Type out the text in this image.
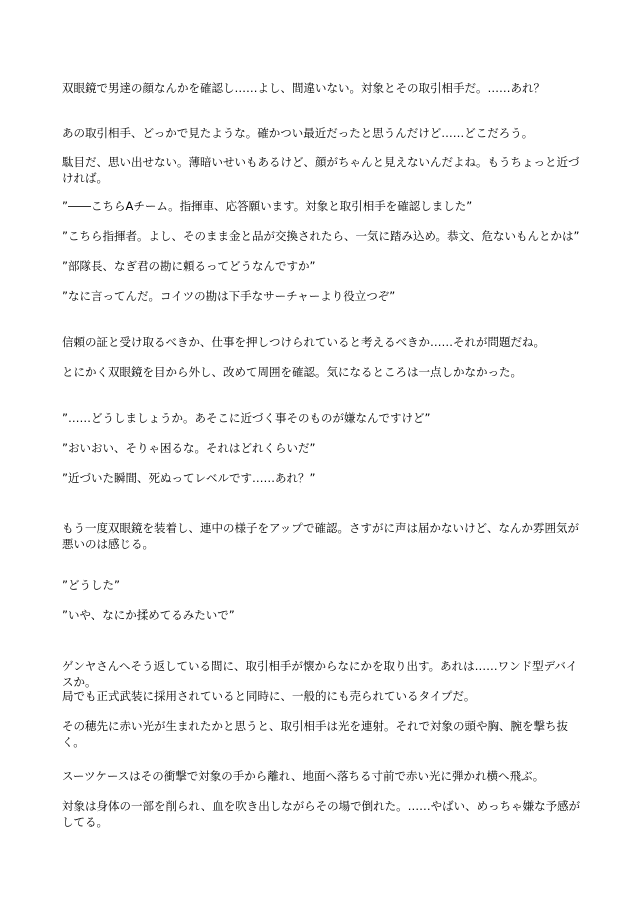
双眼鏡で男達の顔なんかを確認し……よし、間違いない。対象とその取引相手だ。……あれ？

あの取引相手、どっかで見たような。確かつい最近だったと思うんだけど……どこだろう。

駄目だ、思い出せない。薄暗いせいもあるけど、顔がちゃんと見えないんだよね。もうちょっと近づければ。

”――こちらAチーム。指揮車、応答願います。対象と取引相手を確認しました”

”こちら指揮者。よし、そのまま金と品が交換されたら、一気に踏み込め。恭文、危ないもんとかは”

”部隊長、なぎ君の勘に頼るってどうなんですか”

”なに言ってんだ。コイツの勘は下手なサーチャーより役立つぞ”

信頼の証と受け取るべきか、仕事を押しつけられていると考えるべきか……それが問題だね。

とにかく双眼鏡を目から外し、改めて周囲を確認。気になるところは一点しかなかった。

”……どうしましょうか。あそこに近づく事そのものが嫌なんですけど”

”おいおい、そりゃ困るな。それはどれくらいだ”

”近づいた瞬間、死ぬってレベルです……あれ？”

もう一度双眼鏡を装着し、連中の様子をアップで確認。さすがに声は届かないけど、なんか雰囲気が悪いのは感じる。

”どうした”

”いや、なにか揉めてるみたいで”

ゲンヤさんへそう返している間に、取引相手が懐からなにかを取り出す。あれは……ワンド型デバイスか。

局でも正式武装に採用されていると同時に、一般的にも売られているタイプだ。

その穂先に赤い光が生まれたかと思うと、取引相手は光を連射。それで対象の頭や胸、腕を撃ち抜く。

スーツケースはその衝撃で対象の手から離れ、地面へ落ちる寸前で赤い光に弾かれ横へ飛ぶ。

対象は身体の一部を削られ、血を吹き出しながらその場で倒れた。……やばい、めっちゃ嫌な予感がしてる。
